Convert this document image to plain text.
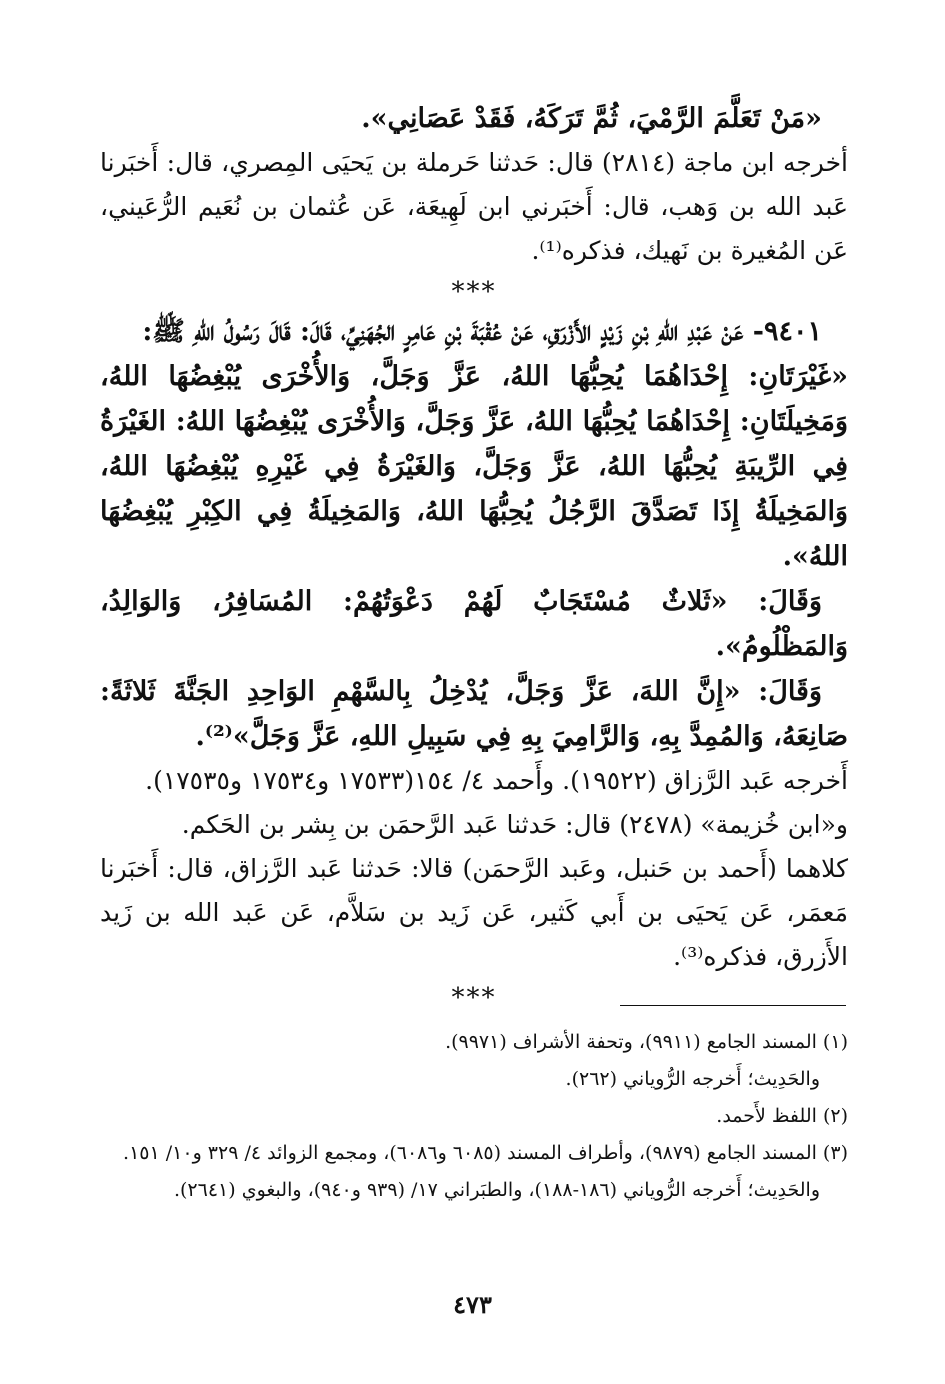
«مَنْ تَعَلَّمَ الرَّمْيَ، ثُمَّ تَرَكَهُ، فَقَدْ عَصَانِي».

أخرجه ابن ماجة (٢٨١٤) قال: حَدثنا حَرملة بن يَحيَى المِصري، قال: أَخبَرنا عَبد الله بن وَهب، قال: أَخبَرني ابن لَهِيعَة، عَن عُثمان بن نُعَيم الرُّعَيني، عَن المُغيرة بن نَهيك، فذكره⁽¹⁾.

***

٩٤٠١- عَنْ عَبْدِ اللهِ بْنِ زَيْدٍ الأَزْرَقِ، عَنْ عُقْبَةَ بْنِ عَامِرٍ الجُهَنِيِّ، قَالَ: قَالَ رَسُولُ اللهِ ﷺ:

«غَيْرَتَانِ: إِحْدَاهُمَا يُحِبُّهَا اللهُ، عَزَّ وَجَلَّ، وَالأُخْرَى يُبْغِضُهَا اللهُ، وَمَخِيلَتَانِ: إِحْدَاهُمَا يُحِبُّهَا اللهُ، عَزَّ وَجَلَّ، وَالأُخْرَى يُبْغِضُهَا اللهُ: الغَيْرَةُ فِي الرِّيبَةِ يُحِبُّهَا اللهُ، عَزَّ وَجَلَّ، وَالغَيْرَةُ فِي غَيْرِهِ يُبْغِضُهَا اللهُ، وَالمَخِيلَةُ إِذَا تَصَدَّقَ الرَّجُلُ يُحِبُّهَا اللهُ، وَالمَخِيلَةُ فِي الكِبْرِ يُبْغِضُهَا اللهُ».

وَقَالَ: «ثَلاثٌ مُسْتَجَابٌ لَهُمْ دَعْوَتُهُمْ: المُسَافِرُ، وَالوَالِدُ، وَالمَظْلُومُ».

وَقَالَ: «إِنَّ اللهَ، عَزَّ وَجَلَّ، يُدْخِلُ بِالسَّهْمِ الوَاحِدِ الجَنَّةَ ثَلاثَةً: صَانِعَهُ، وَالمُمِدَّ بِهِ، وَالرَّامِيَ بِهِ فِي سَبِيلِ اللهِ، عَزَّ وَجَلَّ»⁽²⁾.

أَخرجه عَبد الرَّزاق (١٩٥٢٢). وأَحمد ٤/ ١٥٤(١٧٥٣٣ و١٧٥٣٤ و١٧٥٣٥).

و«ابن خُزيمة» (٢٤٧٨) قال: حَدثنا عَبد الرَّحمَن بن بِشر بن الحَكم.

كلاهما (أَحمد بن حَنبل، وعَبد الرَّحمَن) قالا: حَدثنا عَبد الرَّزاق، قال: أَخبَرنا مَعمَر، عَن يَحيَى بن أَبي كَثير، عَن زَيد بن سَلاَّم، عَن عَبد الله بن زَيد الأَزرق، فذكره⁽³⁾.

***

(١) المسند الجامع (٩٩١١)، وتحفة الأشراف (٩٩٧١).

والحَدِيث؛ أَخرجه الرُّوياني (٢٦٢).

(٢) اللفظ لأَحمد.

(٣) المسند الجامع (٩٨٧٩)، وأطراف المسند (٦٠٨٥ و٦٠٨٦)، ومجمع الزوائد ٤/ ٣٢٩ و١٠/ ١٥١.

والحَدِيث؛ أَخرجه الرُّوياني (١٨٦-١٨٨)، والطبَراني ١٧/ (٩٣٩ و٩٤٠)، والبغوي (٢٦٤١).

٤٧٣
